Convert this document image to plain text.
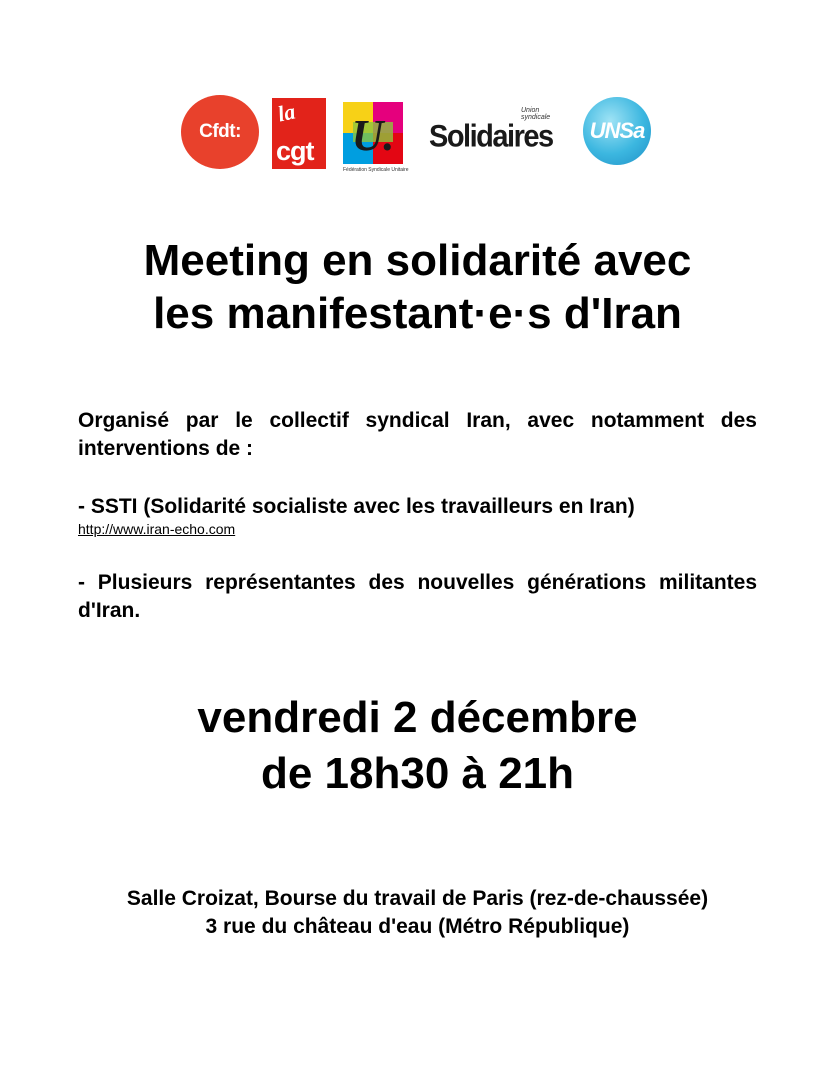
Cfdt:
la
cgt U.
Fédération Syndicale Unitaire
Union syndicale
Solidaires UNSa
Meeting en solidarité avec
les manifestant·e·s d'Iran
Organisé par le collectif syndical Iran, avec notamment des interventions de :
- SSTI (Solidarité socialiste avec les travailleurs en Iran)
http://www.iran-echo.com
- Plusieurs représentantes des nouvelles générations militantes d'Iran.
vendredi 2 décembre
de 18h30 à 21h
Salle Croizat, Bourse du travail de Paris (rez-de-chaussée)
3 rue du château d'eau (Métro République)
